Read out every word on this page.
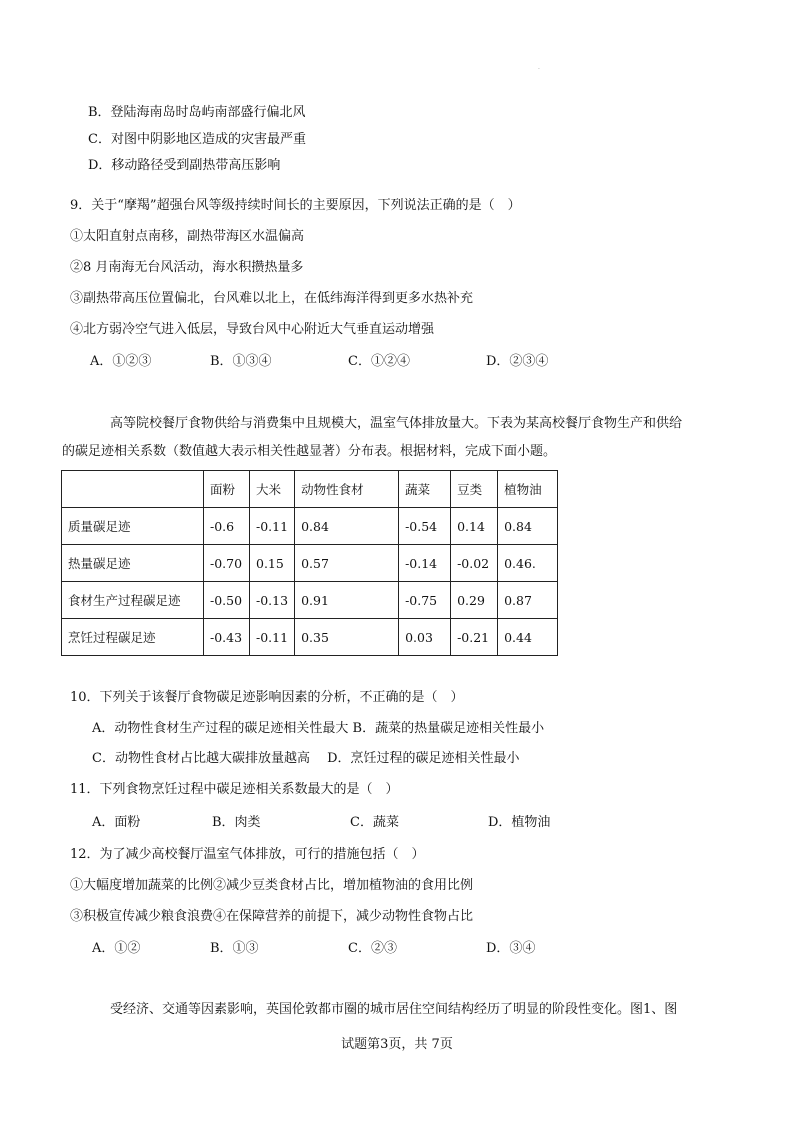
·
B．登陆海南岛时岛屿南部盛行偏北风
C．对图中阴影地区造成的灾害最严重
D．移动路径受到副热带高压影响
9．关于“摩羯”超强台风等级持续时间长的主要原因，下列说法正确的是（　）
①太阳直射点南移，副热带海区水温偏高
②8 月南海无台风活动，海水积攒热量多
③副热带高压位置偏北，台风难以北上，在低纬海洋得到更多水热补充
④北方弱冷空气进入低层，导致台风中心附近大气垂直运动增强
A．①②③	B．①③④	C．①②④	D．②③④
高等院校餐厅食物供给与消费集中且规模大，温室气体排放量大。下表为某高校餐厅食物生产和供给
的碳足迹相关系数（数值越大表示相关性越显著）分布表。根据材料，完成下面小题。
	面粉	大米	动物性食材	蔬菜	豆类	植物油
质量碳足迹	-0.6	-0.11	0.84	-0.54	0.14	0.84
热量碳足迹	-0.70	0.15	0.57	-0.14	-0.02	0.46.
食材生产过程碳足迹	-0.50	-0.13	0.91	-0.75	0.29	0.87
烹饪过程碳足迹	-0.43	-0.11	0.35	0.03	-0.21	0.44
10．下列关于该餐厅食物碳足迹影响因素的分析，不正确的是（　）
A．动物性食材生产过程的碳足迹相关性最大 B．蔬菜的热量碳足迹相关性最小
C．动物性食材占比越大碳排放量越高　 D．烹饪过程的碳足迹相关性最小
11．下列食物烹饪过程中碳足迹相关系数最大的是（　）
A．面粉	B．肉类	C．蔬菜	D．植物油
12．为了减少高校餐厅温室气体排放，可行的措施包括（　）
①大幅度增加蔬菜的比例②减少豆类食材占比，增加植物油的食用比例
③积极宣传减少粮食浪费④在保障营养的前提下，减少动物性食物占比
A．①②	B．①③	C．②③	D．③④
受经济、交通等因素影响，英国伦敦都市圈的城市居住空间结构经历了明显的阶段性变化。图1、图
试题第3页，共 7页
